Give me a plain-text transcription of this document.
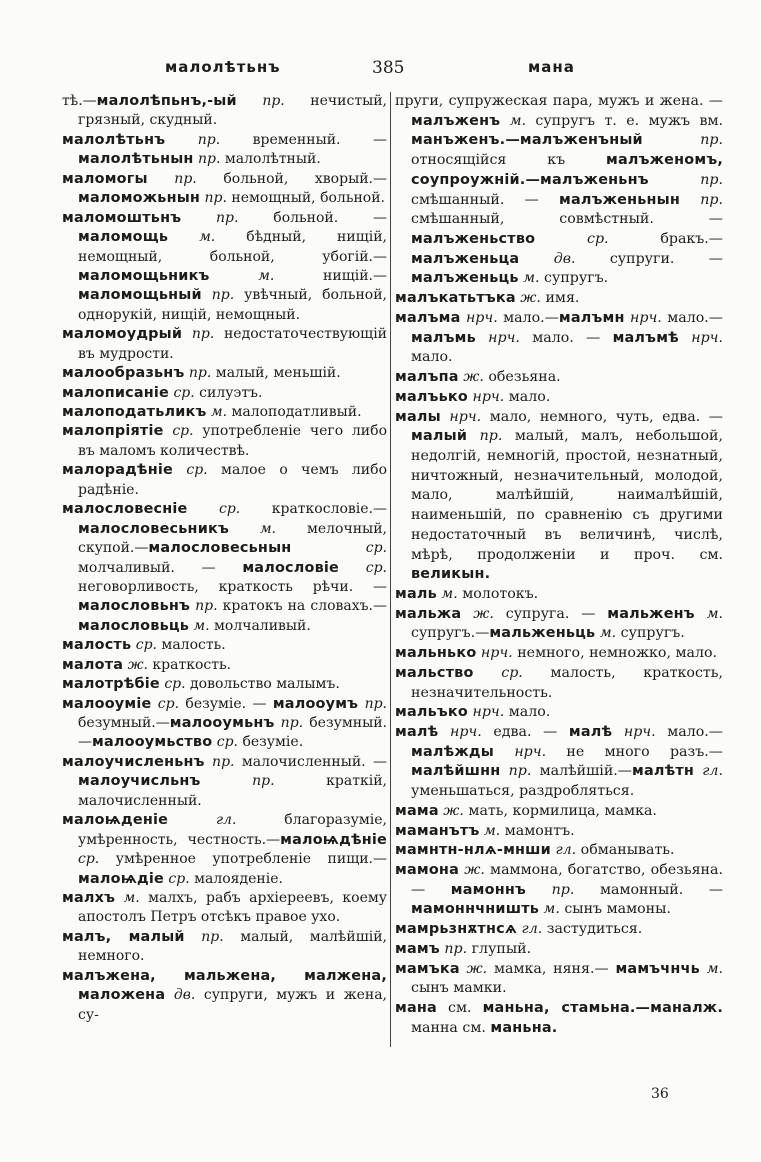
малолѣтьнъ	385	мана

тѣ.—малолѣпьнъ,-ый пр. нечистый, грязный, скудный.

малолѣтьнъ пр. временный. — малолѣтьнын пр. малолѣтный.

маломогы пр. больной, хворый.—маломожьнын пр. немощный, больной.

маломоштьнъ пр. больной. — маломощь м. бѣдный, нищій, немощный, больной, убогій.— маломощьникъ м. нищій.—маломощьный пр. увѣчный, больной, однорукій, нищій, немощный.

маломоудрый пр. недостаточествующій въ мудрости.

малообразьнъ пр. малый, меньшій.

малописаніе ср. силуэтъ.

малоподатьликъ м. малоподатливый.

малопріятіе ср. употребленіе чего либо въ маломъ количествѣ.

малорадѣніе ср. малое о чемъ либо радѣніе.

малословесніе ср. краткословіе.—малословесьникъ м. мелочный, скупой.—малословесьнын ср. молчаливый. — малословіе ср. неговорливость, краткость рѣчи. — малословьнъ пр. кратокъ на словахъ.— малословьць м. молчаливый.

малость ср. малость.

малота ж. краткость.

малотрѣбіе ср. довольство малымъ.

малооуміе ср. безуміе. — малооумъ пр. безумный.—малооумьнъ пр. безумный.—малооумьство ср. безуміе.

малоучисленьнъ пр. малочисленный. —малоучисльнъ пр. краткій, малочисленный.

малоѩденіе гл. благоразуміе, умѣренность, честность.—малоѩдѣніе ср. умѣренное употребленіе пищи.— малоѩдіе ср. малояденіе.

малхъ м. малхъ, рабъ архіереевъ, коему апостолъ Петръ отсѣкъ правое ухо.

малъ, малый пр. малый, малѣйшій, немного.

малъжена, мальжена, малжена, маложена дв. супруги, мужъ и жена, су-

пруги, супружеская пара, мужъ и жена. — малъженъ м. супругъ т. е. мужъ вм. манъженъ.—малъженъный пр. относящійся къ малъженомъ, соупроужній.—малъженьнъ пр. смѣшанный. — малъженьнын пр. смѣшанный, совмѣстный. — малъженьство ср. бракъ.—малъженьца дв. супруги. — малъженьць м. супругъ.

малъкатьтъка ж. имя.

малъма нрч. мало.—малъмн нрч. мало.—малъмь нрч. мало. — малъмѣ нрч. мало.

малъпа ж. обезьяна.

малъько нрч. мало.

малы нрч. мало, немного, чуть, едва. — малый пр. малый, малъ, небольшой, недолгій, немногій, простой, незнатный, ничтожный, незначительный, молодой, мало, малѣйшій, наималѣйшій, наименьшій, по сравненію съ другими недостаточный въ величинѣ, числѣ, мѣрѣ, продолженіи и проч. см. великын.

маль м. молотокъ.

мальжа ж. супруга. — мальженъ м. супругъ.—мальженьць м. супругъ.

мальнько нрч. немного, немножко, мало.

мальство ср. малость, краткость, незначительность.

мальъко нрч. мало.

малѣ нрч. едва. — малѣ нрч. мало.— малѣжды нрч. не много разъ.— малѣйшнн пр. малѣйшій.—малѣтн гл. уменьшаться, раздробляться.

мама ж. мать, кормилица, мамка.

маманътъ м. мамонтъ.

мамнтн-нлѧ-мнши гл. обманывать.

мамона ж. маммона, богатство, обезьяна. — мамоннъ пр. мамонный. — мамоннчништь м. сынъ мамоны.

мамрьзнѫтнсѧ гл. застудиться.

мамъ пр. глупый.

мамъка ж. мамка, няня.— мамъчнчь м. сынъ мамки.

мана см. маньна, стамьна.—маналж. манна см. маньна.

36
